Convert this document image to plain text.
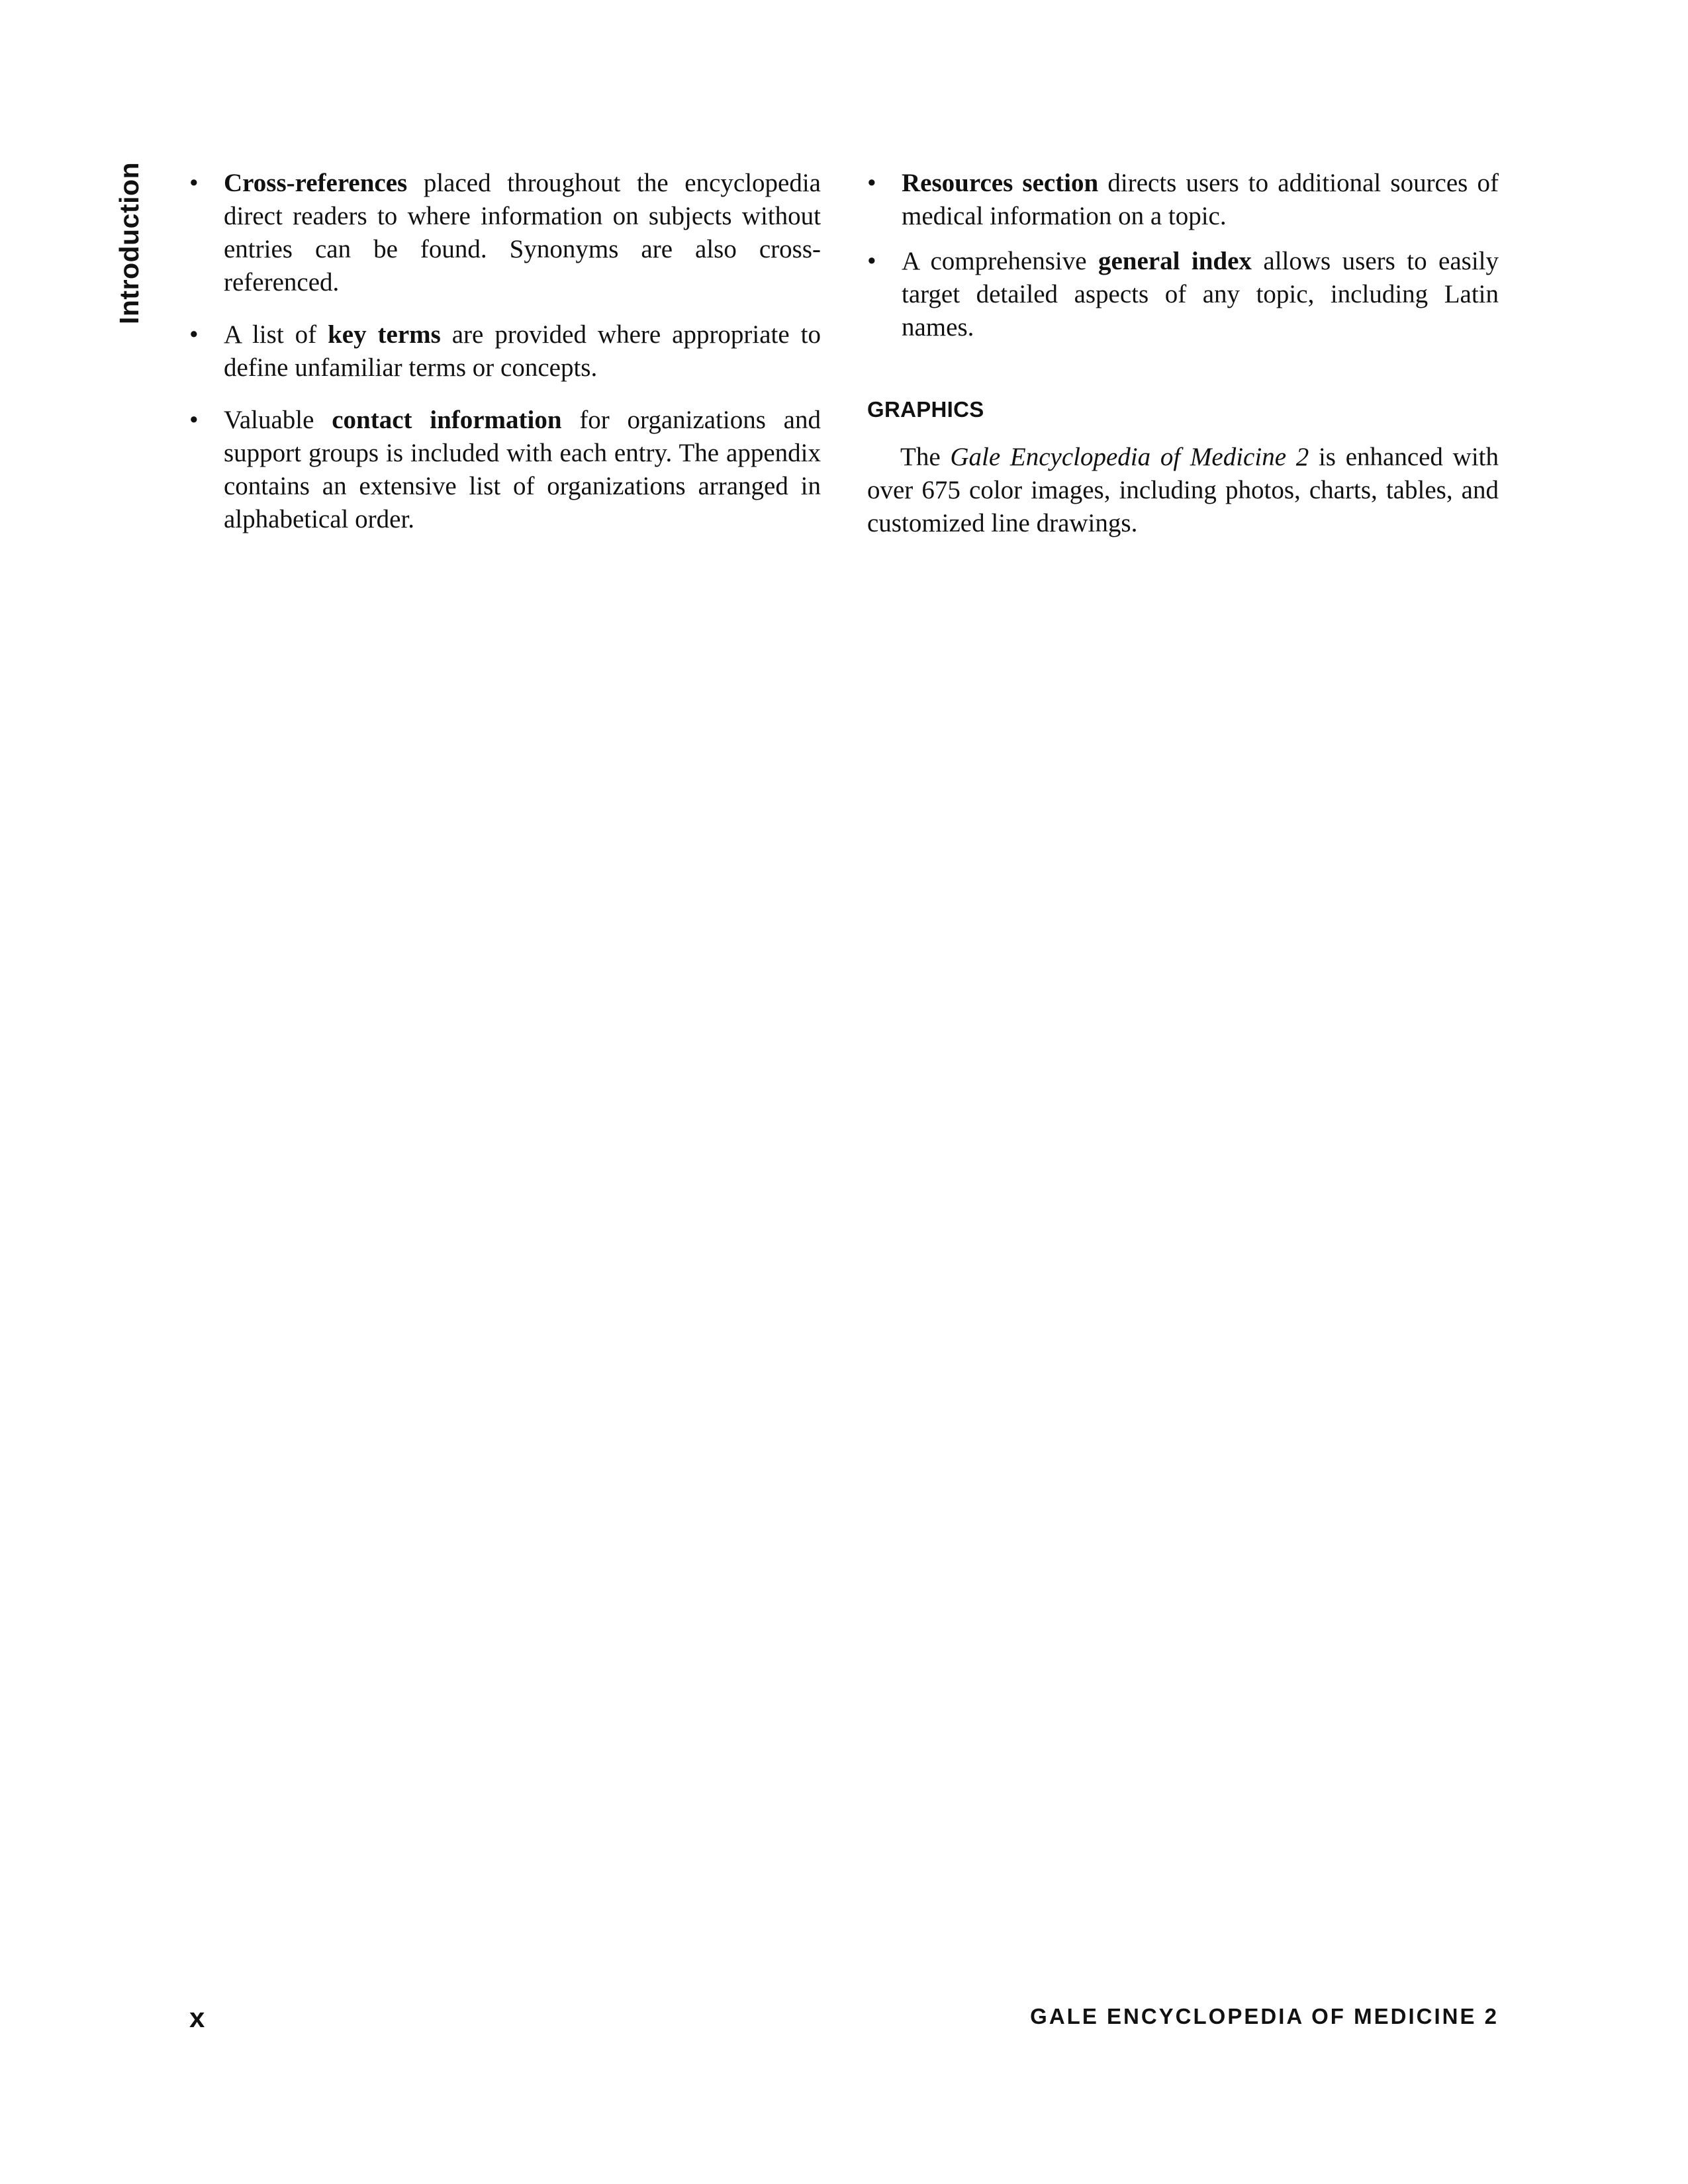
Introduction
•	Cross-references placed throughout the encyclopedia direct readers to where information on subjects without entries can be found. Synonyms are also cross-referenced.
• A list of key terms are provided where appropriate to define unfamiliar terms or concepts.
• Valuable contact information for organizations and support groups is included with each entry. The appendix contains an extensive list of organizations arranged in alphabetical order.
• Resources section directs users to additional sources of medical information on a topic.
• A comprehensive general index allows users to easily target detailed aspects of any topic, including Latin names.
GRAPHICS

The Gale Encyclopedia of Medicine 2 is enhanced with over 675 color images, including photos, charts, tables, and customized line drawings.

x	GALE ENCYCLOPEDIA OF MEDICINE 2
